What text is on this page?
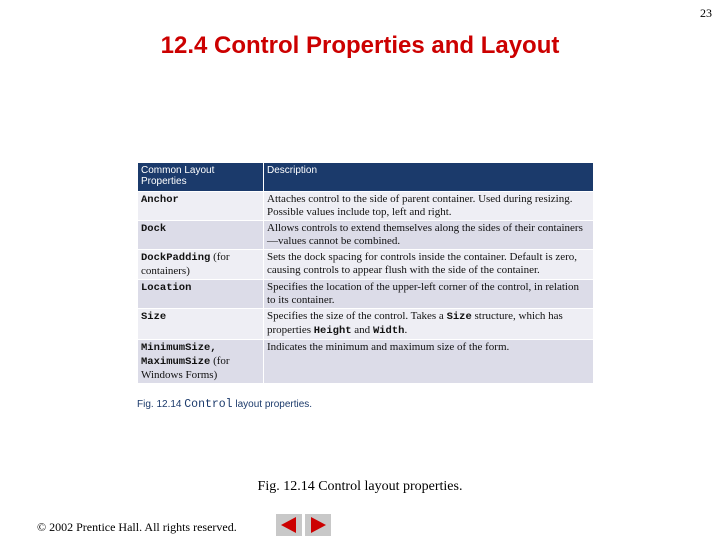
23
12.4 Control Properties and Layout
Common Layout Properties	Description
Anchor	Attaches control to the side of parent container. Used during resizing. Possible values include top, left and right.
Dock	Allows controls to extend themselves along the sides of their containers—values cannot be combined.
DockPadding (for containers)	Sets the dock spacing for controls inside the container. Default is zero, causing controls to appear flush with the side of the container.
Location	Specifies the location of the upper-left corner of the control, in relation to its container.
Size	Specifies the size of the control. Takes a Size structure, which has properties Height and Width.
MinimumSize, MaximumSize (for Windows Forms)	Indicates the minimum and maximum size of the form.
Fig. 12.14 Control layout properties.
Fig. 12.14 Control layout properties.
© 2002 Prentice Hall. All rights reserved.
